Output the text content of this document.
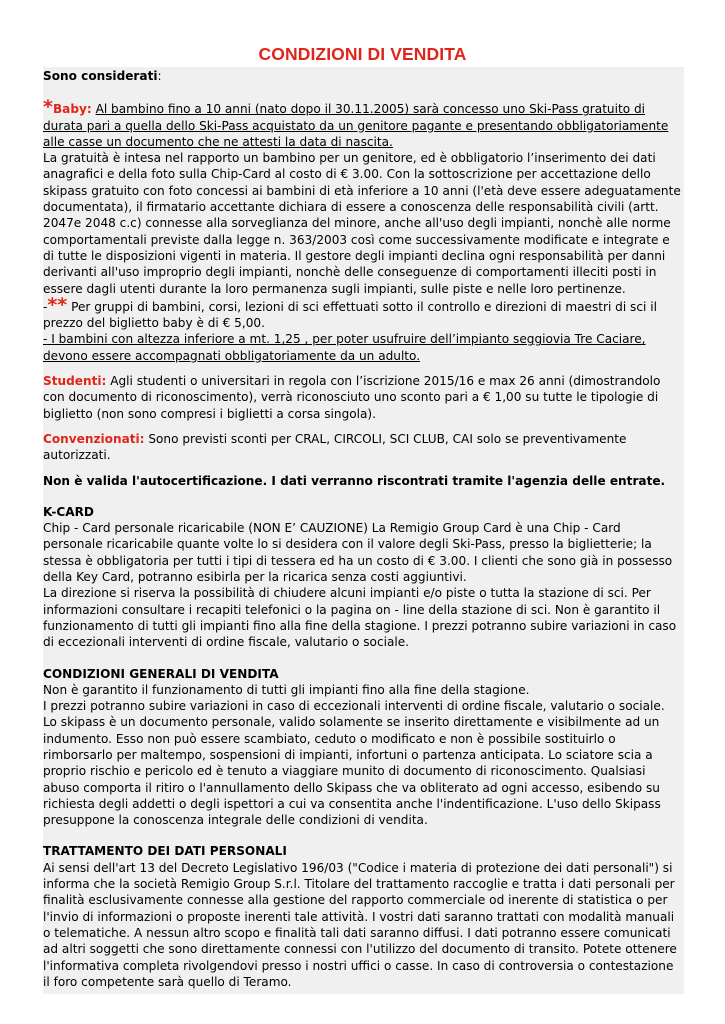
CONDIZIONI DI VENDITA

Sono considerati:

*Baby: Al bambino fino a 10 anni (nato dopo il 30.11.2005) sarà concesso uno Ski-Pass gratuito di durata pari a quella dello Ski-Pass acquistato da un genitore pagante e presentando obbligatoriamente alle casse un documento che ne attesti la data di nascita.

La gratuità è intesa nel rapporto un bambino per un genitore, ed è obbligatorio l’inserimento dei dati anagrafici e della foto sulla Chip-Card al costo di € 3.00. Con la sottoscrizione per accettazione dello skipass gratuito con foto concessi ai bambini di età inferiore a 10 anni (l'età deve essere adeguatamente documentata), il firmatario accettante dichiara di essere a conoscenza delle responsabilità civili (artt. 2047e 2048 c.c) connesse alla sorveglianza del minore, anche all'uso degli impianti, nonchè alle norme comportamentali previste dalla legge n. 363/2003 così come successivamente modificate e integrate e di tutte le disposizioni vigenti in materia. Il gestore degli impianti declina ogni responsabilità per danni derivanti all'uso improprio degli impianti, nonchè delle conseguenze di comportamenti illeciti posti in essere dagli utenti durante la loro permanenza sugli impianti, sulle piste e nelle loro pertinenze.

-** Per gruppi di bambini, corsi, lezioni di sci effettuati sotto il controllo e direzioni di maestri di sci il prezzo del biglietto baby è di € 5,00.

- I bambini con altezza inferiore a mt. 1,25 , per poter usufruire dell’impianto seggiovia Tre Caciare, devono essere accompagnati obbligatoriamente da un adulto.

Studenti: Agli studenti o universitari in regola con l’iscrizione 2015/16 e max 26 anni (dimostrandolo con documento di riconoscimento), verrà riconosciuto uno sconto pari a € 1,00 su tutte le tipologie di biglietto (non sono compresi i biglietti a corsa singola).

Convenzionati: Sono previsti sconti per CRAL, CIRCOLI, SCI CLUB, CAI solo se preventivamente autorizzati.

Non è valida l'autocertificazione. I dati verranno riscontrati tramite l'agenzia delle entrate.

K-CARD

Chip - Card personale ricaricabile (NON E’ CAUZIONE) La Remigio Group Card è una Chip - Card personale ricaricabile quante volte lo si desidera con il valore degli Ski-Pass, presso la biglietterie; la stessa è obbligatoria per tutti i tipi di tessera ed ha un costo di € 3.00. I clienti che sono già in possesso della Key Card, potranno esibirla per la ricarica senza costi aggiuntivi.

La direzione si riserva la possibilità di chiudere alcuni impianti e/o piste o tutta la stazione di sci. Per informazioni consultare i recapiti telefonici o la pagina on - line della stazione di sci. Non è garantito il funzionamento di tutti gli impianti fino alla fine della stagione. I prezzi potranno subire variazioni in caso di eccezionali interventi di ordine fiscale, valutario o sociale.

CONDIZIONI GENERALI DI VENDITA

Non è garantito il funzionamento di tutti gli impianti fino alla fine della stagione.

I prezzi potranno subire variazioni in caso di eccezionali interventi di ordine fiscale, valutario o sociale.

Lo skipass è un documento personale, valido solamente se inserito direttamente e visibilmente ad un indumento. Esso non può essere scambiato, ceduto o modificato e non è possibile sostituirlo o rimborsarlo per maltempo, sospensioni di impianti, infortuni o partenza anticipata. Lo sciatore scia a proprio rischio e pericolo ed è tenuto a viaggiare munito di documento di riconoscimento. Qualsiasi abuso comporta il ritiro o l'annullamento dello Skipass che va obliterato ad ogni accesso, esibendo su richiesta degli addetti o degli ispettori a cui va consentita anche l'indentificazione. L'uso dello Skipass presuppone la conoscenza integrale delle condizioni di vendita.

TRATTAMENTO DEI DATI PERSONALI

Ai sensi dell'art 13 del Decreto Legislativo 196/03 ("Codice i materia di protezione dei dati personali") si informa che la società Remigio Group S.r.l. Titolare del trattamento raccoglie e tratta i dati personali per finalità esclusivamente connesse alla gestione del rapporto commerciale od inerente di statistica o per l'invio di informazioni o proposte inerenti tale attività. I vostri dati saranno trattati con modalità manuali o telematiche. A nessun altro scopo e finalità tali dati saranno diffusi. I dati potranno essere comunicati ad altri soggetti che sono direttamente connessi con l'utilizzo del documento di transito. Potete ottenere l'informativa completa rivolgendovi presso i nostri uffici o casse. In caso di controversia o contestazione il foro competente sarà quello di Teramo.
